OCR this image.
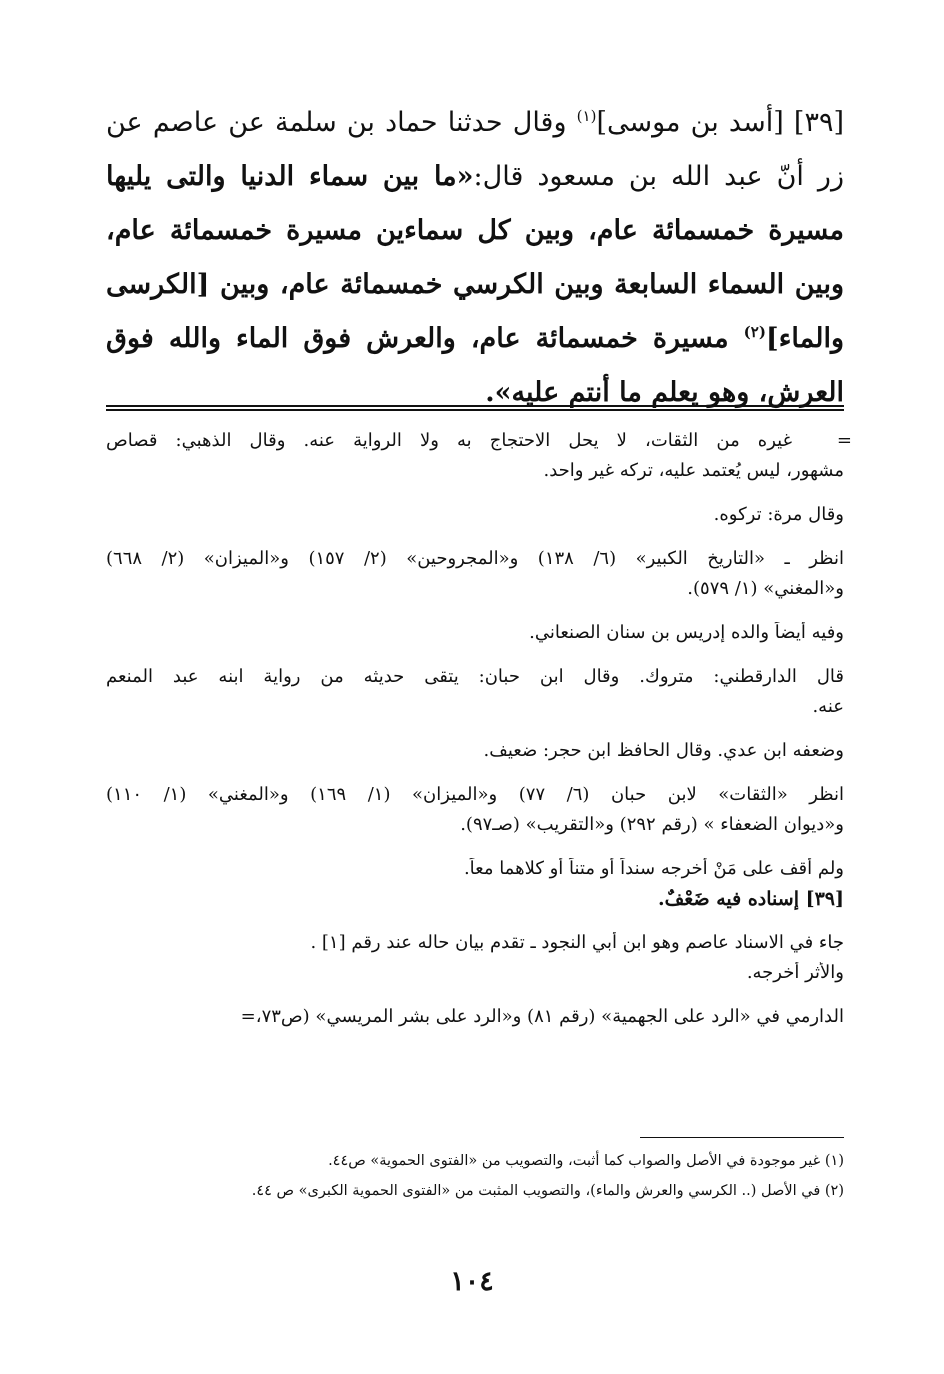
[٣٩] [أسد بن موسى]$^{(١)}$ وقال حدثنا حماد بن سلمة عن عاصم عن زر أنّ عبد الله بن مسعود قال:«ما بين سماء الدنيا والتى يليها مسيرة خمسمائة عام، وبين كل سماءين مسيرة خمسمائة عام، وبين السماء السابعة وبين الكرسي خمسمائة عام، وبين [الكرسى والماء]$^{(٢)}$ مسيرة خمسمائة عام، والعرش فوق الماء والله فوق العرش، وهو يعلم ما أنتم عليه».
=
غيره من الثقات، لا يحل الاحتجاج به ولا الرواية عنه. وقال الذهبي: قصاص
مشهور، ليس يُعتمد عليه، تركه غير واحد.
وقال مرة: تركوه.
انظر ـ «التاريخ الكبير» (٦/ ١٣٨) و«المجروحين» (٢/ ١٥٧) و«الميزان» (٢/ ٦٦٨)
و«المغني» (١/ ٥٧٩).
وفيه أيضاً والده إدريس بن سنان الصنعاني.
قال الدارقطني: متروك. وقال ابن حبان: يتقى حديثه من رواية ابنه عبد المنعم
عنه.
وضعفه ابن عدي. وقال الحافظ ابن حجر: ضعيف.
انظر «الثقات» لابن حبان (٦/ ٧٧) و«الميزان» (١/ ١٦٩) و«المغني» (١/ ١١٠)
و«ديوان الضعفاء » (رقم ٢٩٢) و«التقريب» (صـ٩٧).
ولم أقف على مَنْ أخرجه سنداً أو متناً أو كلاهما معاً.
[٣٩] إسناده فيه ضَعْفٌ.
جاء في الاسناد عاصم وهو ابن أبي النجود ـ تقدم بيان حاله عند رقم [١] .
والأثر أخرجه.
الدارمي في «الرد على الجهمية» (رقم ٨١) و«الرد على بشر المريسي» (ص٧٣،=
(١) غير موجودة في الأصل والصواب كما أثبت، والتصويب من «الفتوى الحموية» ص٤٤.
(٢) في الأصل (.. الكرسي والعرش والماء)، والتصويب المثبت من «الفتوى الحموية الكبرى» ص ٤٤.
١٠٤
